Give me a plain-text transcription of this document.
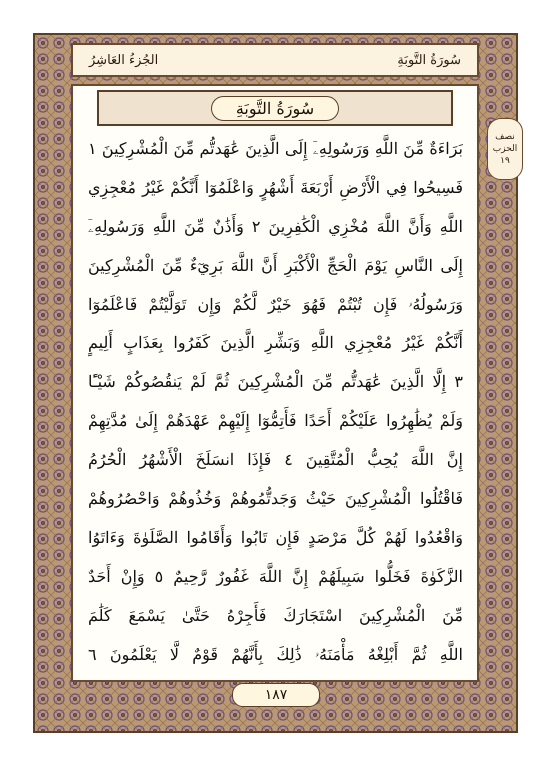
الجُزءُ العَاشِرُ	سُورَةُ التَّوبَةِ
سُورَةُ التَّوبَةِ
نصف
الحزب
١٩
بَرَاءَةٌ مِّنَ اللَّهِ وَرَسُولِهِۦٓ إِلَى الَّذِينَ عَٰهَدتُّم مِّنَ الْمُشْرِكِينَ ١
فَسِيحُوا فِي الْأَرْضِ أَرْبَعَةَ أَشْهُرٍ وَاعْلَمُوٓا أَنَّكُمْ غَيْرُ مُعْجِزِي
اللَّهِ وَأَنَّ اللَّهَ مُخْزِي الْكَٰفِرِينَ ٢ وَأَذَٰنٌ مِّنَ اللَّهِ وَرَسُولِهِۦٓ
إِلَى النَّاسِ يَوْمَ الْحَجِّ الْأَكْبَرِ أَنَّ اللَّهَ بَرِيٓءٌ مِّنَ الْمُشْرِكِينَ
وَرَسُولُهُۥ فَإِن تُبْتُمْ فَهُوَ خَيْرٌ لَّكُمْ وَإِن تَوَلَّيْتُمْ فَاعْلَمُوٓا
أَنَّكُمْ غَيْرُ مُعْجِزِي اللَّهِ وَبَشِّرِ الَّذِينَ كَفَرُوا بِعَذَابٍ أَلِيمٍ
٣ إِلَّا الَّذِينَ عَٰهَدتُّم مِّنَ الْمُشْرِكِينَ ثُمَّ لَمْ يَنقُصُوكُمْ شَيْـًٔا
وَلَمْ يُظَٰهِرُوا عَلَيْكُمْ أَحَدًا فَأَتِمُّوٓا إِلَيْهِمْ عَهْدَهُمْ إِلَىٰ مُدَّتِهِمْ
إِنَّ اللَّهَ يُحِبُّ الْمُتَّقِينَ ٤ فَإِذَا انسَلَخَ الْأَشْهُرُ الْحُرُمُ
فَاقْتُلُوا الْمُشْرِكِينَ حَيْثُ وَجَدتُّمُوهُمْ وَخُذُوهُمْ وَاحْصُرُوهُمْ
وَاقْعُدُوا لَهُمْ كُلَّ مَرْصَدٍ فَإِن تَابُوا وَأَقَامُوا الصَّلَوٰةَ وَءَاتَوُا
الزَّكَوٰةَ فَخَلُّوا سَبِيلَهُمْ إِنَّ اللَّهَ غَفُورٌ رَّحِيمٌ ٥ وَإِنْ أَحَدٌ
مِّنَ الْمُشْرِكِينَ اسْتَجَارَكَ فَأَجِرْهُ حَتَّىٰ يَسْمَعَ كَلَٰمَ
اللَّهِ ثُمَّ أَبْلِغْهُ مَأْمَنَهُۥ ذَٰلِكَ بِأَنَّهُمْ قَوْمٌ لَّا يَعْلَمُونَ ٦
١٨٧
